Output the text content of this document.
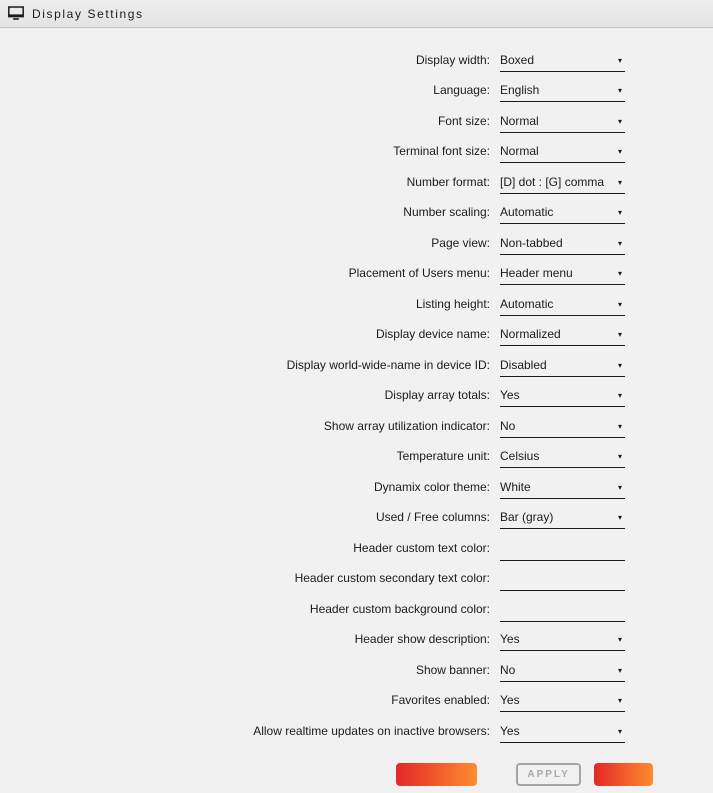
Display Settings
Display width: Boxed	▾
Language: English	▾
Font size: Normal	▾
Terminal font size: Normal	▾
Number format: [D] dot : [G] comma	▾
Number scaling: Automatic	▾
Page view: Non-tabbed	▾
Placement of Users menu: Header menu	▾
Listing height: Automatic	▾
Display device name: Normalized	▾
Display world-wide-name in device ID: Disabled	▾
Display array totals: Yes	▾
Show array utilization indicator: No	▾
Temperature unit: Celsius	▾
Dynamix color theme: White	▾
Used / Free columns: Bar (gray)	▾
Header custom text color:
Header custom secondary text color:
Header custom background color:
Header show description: Yes	▾
Show banner: No	▾
Favorites enabled: Yes	▾
Allow realtime updates on inactive browsers: Yes	▾
DEFAULT	APPLY	DONE
